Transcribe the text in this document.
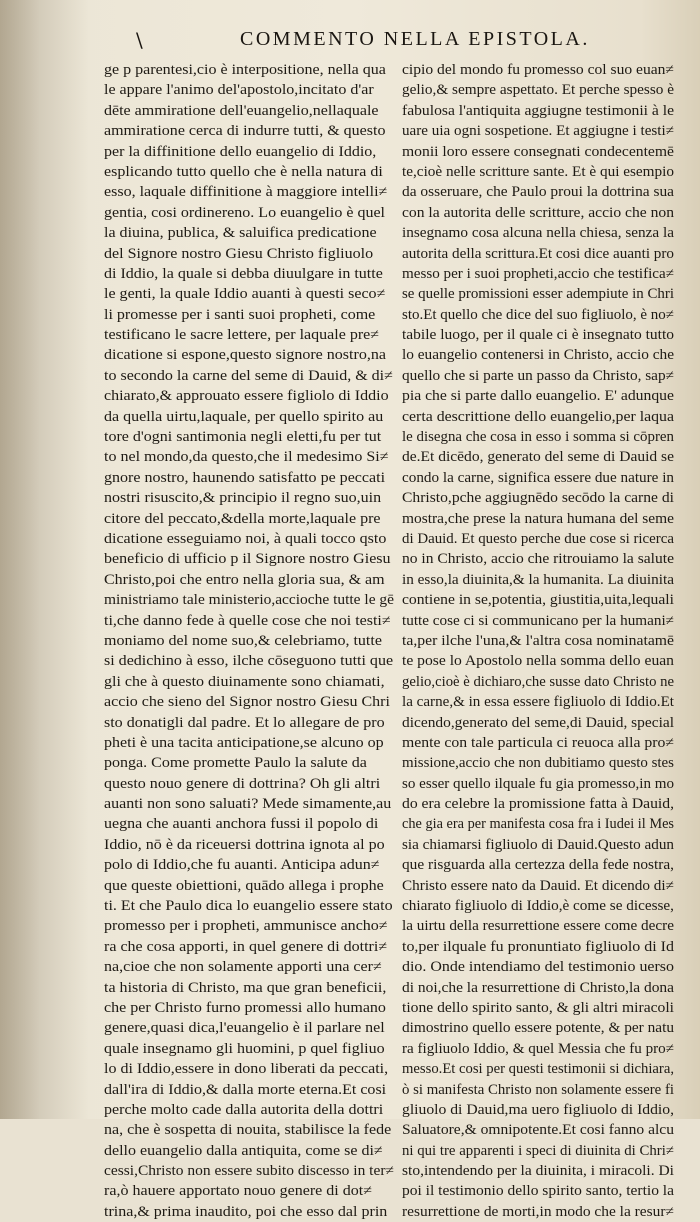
\	COMMENTO NELLA EPISTOLA.
ge p parentesi,cio è interpositione, nella qua
le appare l'animo del'apostolo,incitato d'ar
dēte ammiratione dell'euangelio,nellaquale
ammiratione cerca di indurre tutti, & questo
per la diffinitione dello euangelio di Iddio,
esplicando tutto quello che è nella natura di
esso, laquale diffinitione à maggiore intelli≠
gentia, cosi ordinereno. Lo euangelio è quel
la diuina, publica, & saluifica predicatione
del Signore nostro Giesu Christo figliuolo
di Iddio, la quale si debba diuulgare in tutte
le genti, la quale Iddio auanti à questi seco≠
li promesse per i santi suoi propheti, come
testificano le sacre lettere, per laquale pre≠
dicatione si espone,questo signore nostro,na
to secondo la carne del seme di Dauid, & di≠
chiarato,& approuato essere figliolo di Iddio
da quella uirtu,laquale, per quello spirito au
tore d'ogni santimonia negli eletti,fu per tut
to nel mondo,da questo,che il medesimo Si≠
gnore nostro, haunendo satisfatto pe peccati
nostri risuscito,& principio il regno suo,uin
citore del peccato,&della morte,laquale pre
dicatione esseguiamo noi, à quali tocco qsto
beneficio di ufficio p il Signore nostro Giesu
Christo,poi che entro nella gloria sua, & am
ministriamo tale ministerio,accioche tutte le gē
ti,che danno fede à quelle cose che noi testi≠
moniamo del nome suo,& celebriamo, tutte
si dedichino à esso, ilche cōseguono tutti que
gli che à questo diuinamente sono chiamati,
accio che sieno del Signor nostro Giesu Chri
sto donatigli dal padre. Et lo allegare de pro
pheti è una tacita anticipatione,se alcuno op
ponga. Come promette Paulo la salute da
questo nouo genere di dottrina? Oh gli altri
auanti non sono saluati? Mede simamente,au
uegna che auanti anchora fussi il popolo di
Iddio, nō è da riceuersi dottrina ignota al po
polo di Iddio,che fu auanti. Anticipa adun≠
que queste obiettioni, quādo allega i prophe
ti. Et che Paulo dica lo euangelio essere stato
promesso per i propheti, ammunisce ancho≠
ra che cosa apporti, in quel genere di dottri≠
na,cioe che non solamente apporti una cer≠
ta historia di Christo, ma que gran beneficii,
che per Christo furno promessi allo humano
genere,quasi dica,l'euangelio è il parlare nel
quale insegnamo gli huomini, p quel figliuo
lo di Iddio,essere in dono liberati da peccati,
dall'ira di Iddio,& dalla morte eterna.Et cosi
perche molto cade dalla autorita della dottri
na, che è sospetta di nouita, stabilisce la fede
dello euangelio dalla antiquita, come se di≠
cessi,Christo non essere subito discesso in ter≠
ra,ò hauere apportato nouo genere di dot≠
trina,& prima inaudito, poi che esso dal prin
cipio del mondo fu promesso col suo euan≠
gelio,& sempre aspettato. Et perche spesso è
fabulosa l'antiquita aggiugne testimonii à le
uare uia ogni sospetione. Et aggiugne i testi≠
monii loro essere consegnati condecentemē
te,cioè nelle scritture sante. Et è qui esempio
da osseruare, che Paulo proui la dottrina sua
con la autorita delle scritture, accio che non
insegnamo cosa alcuna nella chiesa, senza la
autorita della scrittura.Et cosi dice auanti pro
messo per i suoi propheti,accio che testifica≠
se quelle promissioni esser adempiute in Chri
sto.Et quello che dice del suo figliuolo, è no≠
tabile luogo, per il quale ci è insegnato tutto
lo euangelio contenersi in Christo, accio che
quello che si parte un passo da Christo, sap≠
pia che si parte dallo euangelio. E' adunque
certa descrittione dello euangelio,per laqua
le disegna che cosa in esso i somma si cōpren
de.Et dicēdo, generato del seme di Dauid se
condo la carne, significa essere due nature in
Christo,pche aggiugnēdo secōdo la carne di
mostra,che prese la natura humana del seme
di Dauid. Et questo perche due cose si ricerca
no in Christo, accio che ritrouiamo la salute
in esso,la diuinita,& la humanita. La diuinita
contiene in se,potentia, giustitia,uita,lequali
tutte cose ci si communicano per la humani≠
ta,per ilche l'una,& l'altra cosa nominatamē
te pose lo Apostolo nella somma dello euan
gelio,cioè è dichiaro,che susse dato Christo ne
la carne,& in essa essere figliuolo di Iddio.Et
dicendo,generato del seme,di Dauid, special
mente con tale particula ci reuoca alla pro≠
missione,accio che non dubitiamo questo stes
so esser quello ilquale fu gia promesso,in mo
do era celebre la promissione fatta à Dauid,
che gia era per manifesta cosa fra i Iudei il Mes
sia chiamarsi figliuolo di Dauid.Questo adun
que risguarda alla certezza della fede nostra,
Christo essere nato da Dauid. Et dicendo di≠
chiarato figliuolo di Iddio,è come se dicesse,
la uirtu della resurrettione essere come decre
to,per ilquale fu pronuntiato figliuolo di Id
dio. Onde intendiamo del testimonio uerso
di noi,che la resurrettione di Christo,la dona
tione dello spirito santo, & gli altri miracoli
dimostrino quello essere potente, & per natu
ra figliuolo Iddio, & quel Messia che fu pro≠
messo.Et cosi per questi testimonii si dichiara,
ò si manifesta Christo non solamente essere fi
gliuolo di Dauid,ma uero figliuolo di Iddio,
Saluatore,& omnipotente.Et cosi fanno alcu
ni qui tre apparenti i speci di diuinita di Chri≠
sto,intendendo per la diuinita, i miracoli. Di
poi il testimonio dello spirito santo, tertio la
resurrettione de morti,in modo che la resur≠
